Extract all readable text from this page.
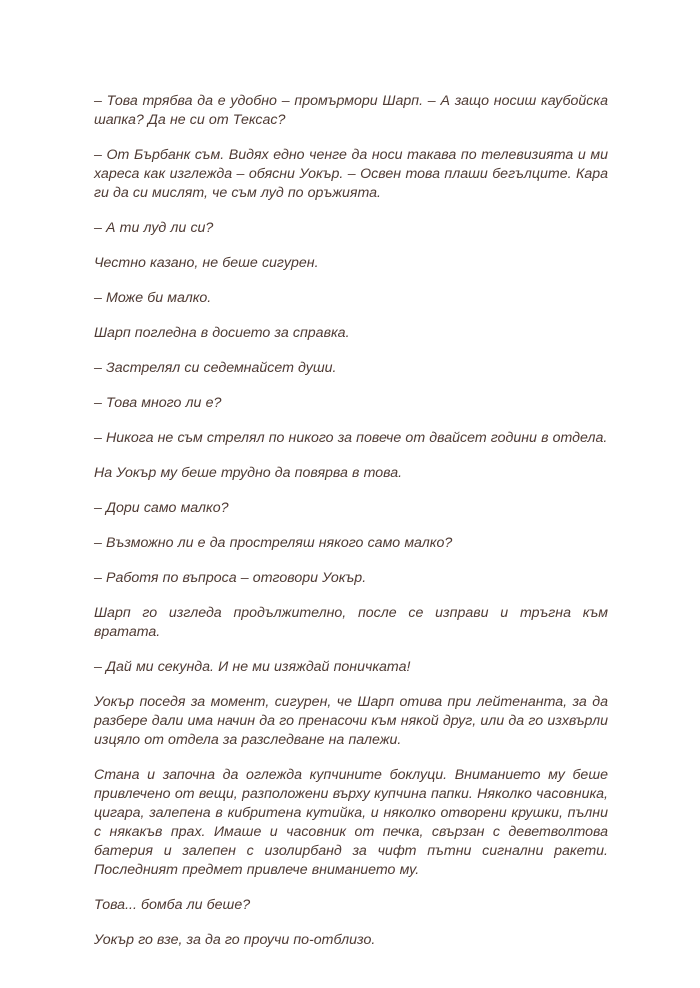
– Това трябва да е удобно – промърмори Шарп. – А защо носиш каубойска шапка? Да не си от Тексас?

– От Бърбанк съм. Видях едно ченге да носи такава по телевизията и ми хареса как изглежда – обясни Уокър. – Освен това плаши бегълците. Кара ги да си мислят, че съм луд по оръжията.

– А ти луд ли си?

Честно казано, не беше сигурен.

– Може би малко.

Шарп погледна в досието за справка.

– Застрелял си седемнайсет души.

– Това много ли е?

– Никога не съм стрелял по никого за повече от двайсет години в отдела.

На Уокър му беше трудно да повярва в това.

– Дори само малко?

– Възможно ли е да простреляш някого само малко?

– Работя по въпроса – отговори Уокър.

Шарп го изгледа продължително, после се изправи и тръгна към вратата.

– Дай ми секунда. И не ми изяждай поничката!

Уокър поседя за момент, сигурен, че Шарп отива при лейтенанта, за да разбере дали има начин да го пренасочи към някой друг, или да го изхвърли изцяло от отдела за разследване на палежи.

Стана и започна да оглежда купчините боклуци. Вниманието му беше привлечено от вещи, разположени върху купчина папки. Няколко часовника, цигара, залепена в кибритена кутийка, и няколко отворени крушки, пълни с някакъв прах. Имаше и часовник от печка, свързан с деветволтова батерия и залепен с изолирбанд за чифт пътни сигнални ракети. Последният предмет привлече вниманието му.

Това... бомба ли беше?

Уокър го взе, за да го проучи по-отблизо.
